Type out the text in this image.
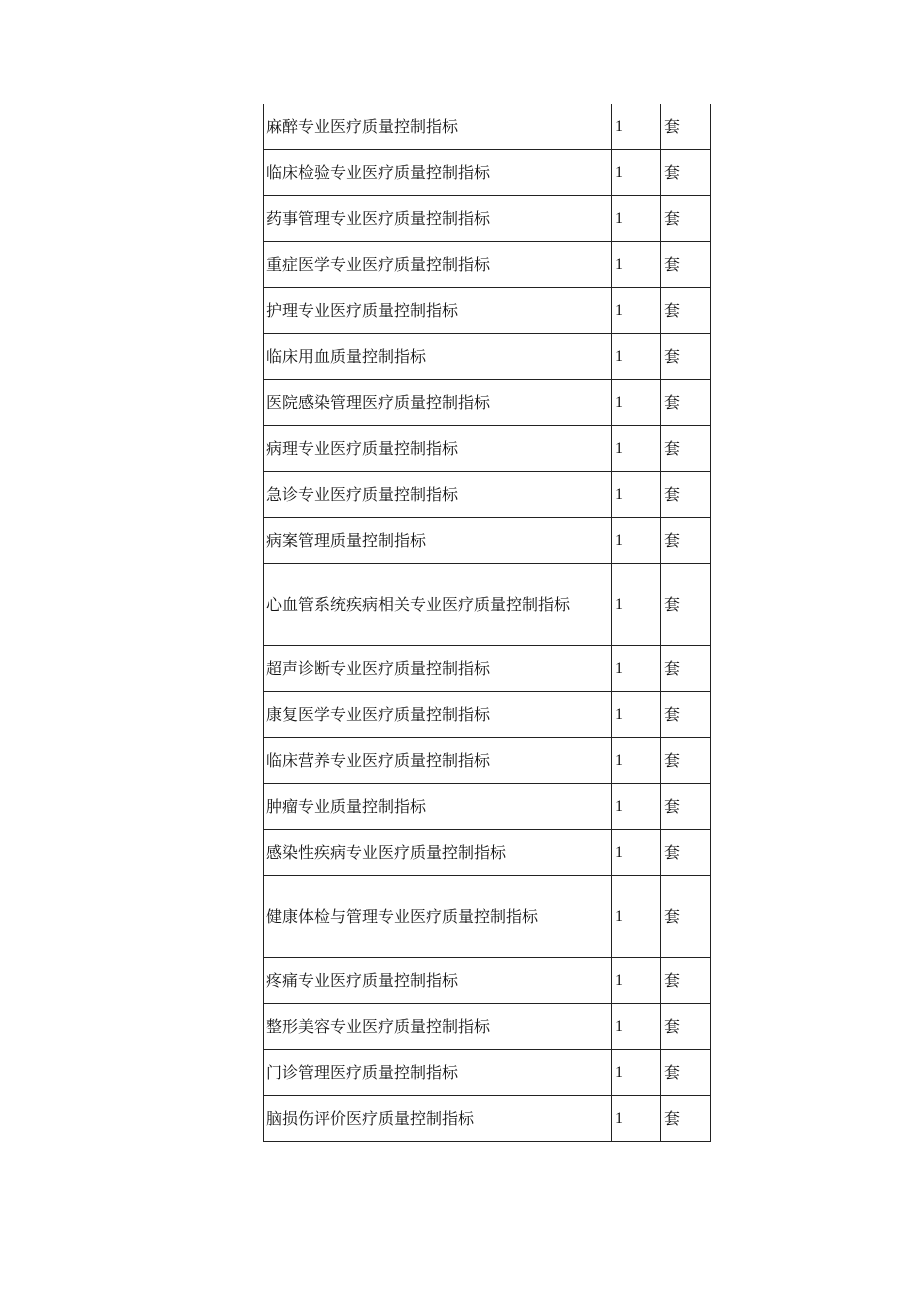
麻醉专业医疗质量控制指标	1	套
临床检验专业医疗质量控制指标	1	套
药事管理专业医疗质量控制指标	1	套
重症医学专业医疗质量控制指标	1	套
护理专业医疗质量控制指标	1	套
临床用血质量控制指标	1	套
医院感染管理医疗质量控制指标	1	套
病理专业医疗质量控制指标	1	套
急诊专业医疗质量控制指标	1	套
病案管理质量控制指标	1	套
心血管系统疾病相关专业医疗质量控制指标	1	套
超声诊断专业医疗质量控制指标	1	套
康复医学专业医疗质量控制指标	1	套
临床营养专业医疗质量控制指标	1	套
肿瘤专业质量控制指标	1	套
感染性疾病专业医疗质量控制指标	1	套
健康体检与管理专业医疗质量控制指标	1	套
疼痛专业医疗质量控制指标	1	套
整形美容专业医疗质量控制指标	1	套
门诊管理医疗质量控制指标	1	套
脑损伤评价医疗质量控制指标	1	套
